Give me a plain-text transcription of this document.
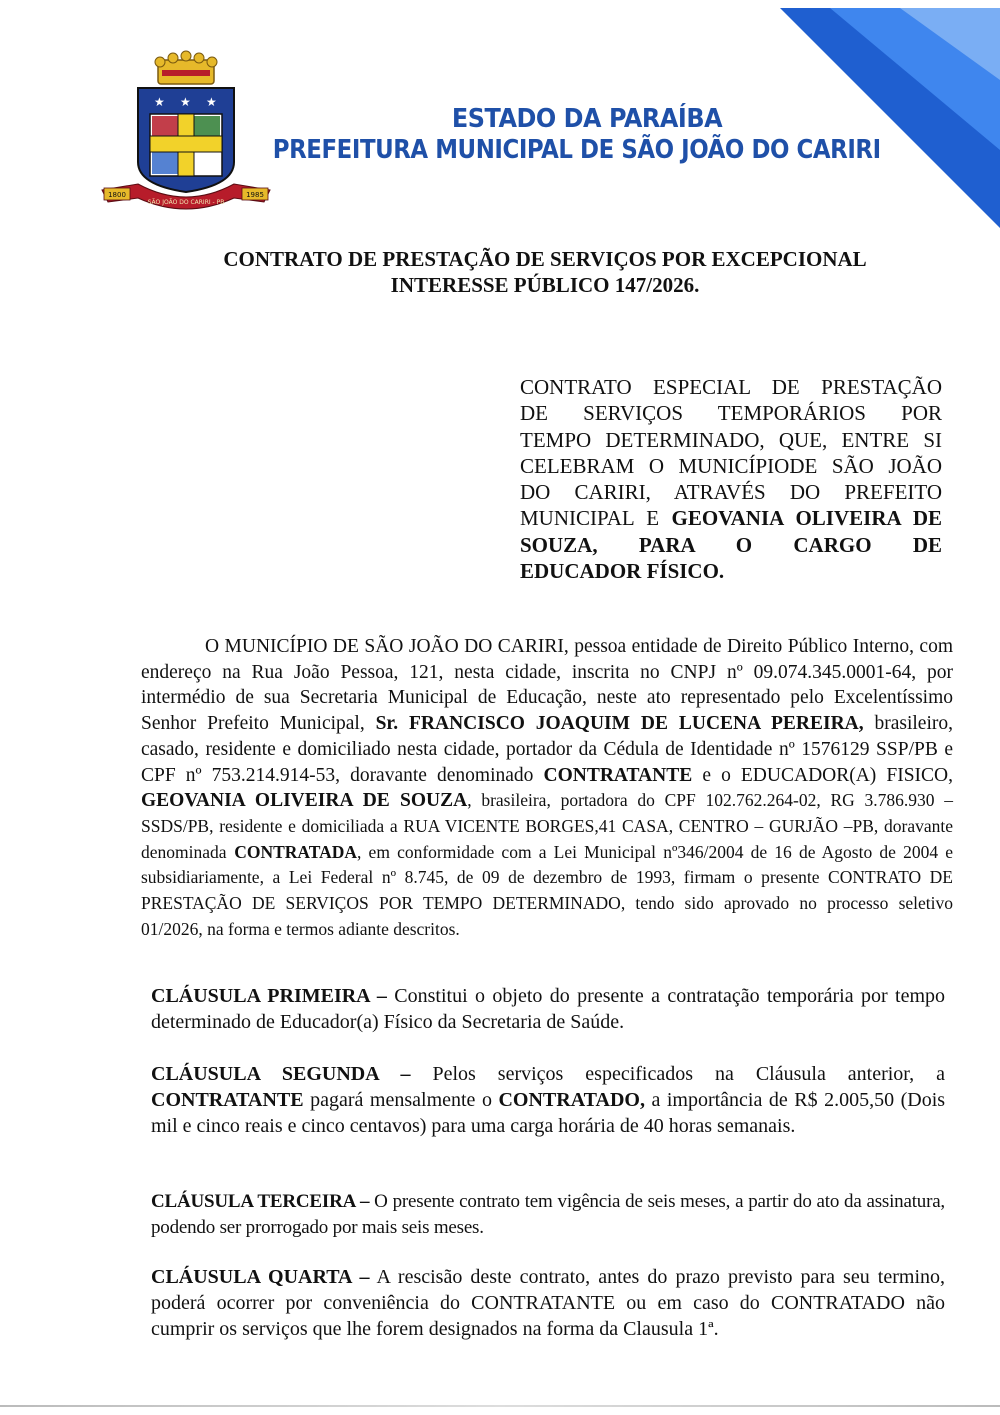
★ ★ ★
1800	1985
SÃO JOÃO DO CARIRI - PB
ESTADO DA PARAÍBA
PREFEITURA MUNICIPAL DE SÃO JOÃO DO CARIRI
CONTRATO DE PRESTAÇÃO DE SERVIÇOS POR EXCEPCIONAL
INTERESSE PÚBLICO 147/2026.
CONTRATO ESPECIAL DE PRESTAÇÃO
DE SERVIÇOS TEMPORÁRIOS POR
TEMPO DETERMINADO, QUE, ENTRE SI
CELEBRAM O MUNICÍPIODE SÃO JOÃO
DO CARIRI, ATRAVÉS DO PREFEITO
MUNICIPAL E GEOVANIA OLIVEIRA DE
SOUZA, PARA O CARGO DE
EDUCADOR FÍSICO.

O MUNICÍPIO DE SÃO JOÃO DO CARIRI, pessoa entidade de Direito Público Interno, com endereço na Rua João Pessoa, 121, nesta cidade, inscrita no CNPJ nº 09.074.345.0001-64, por intermédio de sua Secretaria Municipal de Educação, neste ato representado pelo Excelentíssimo Senhor Prefeito Municipal, Sr. FRANCISCO JOAQUIM DE LUCENA PEREIRA, brasileiro, casado, residente e domiciliado nesta cidade, portador da Cédula de Identidade nº 1576129 SSP/PB e CPF nº 753.214.914-53, doravante denominado CONTRATANTE e o EDUCADOR(A) FISICO, GEOVANIA OLIVEIRA DE SOUZA, brasileira, portadora do CPF 102.762.264-02, RG 3.786.930 – SSDS/PB, residente e domiciliada a RUA VICENTE BORGES,41 CASA, CENTRO – GURJÃO –PB, doravante denominada CONTRATADA, em conformidade com a Lei Municipal nº346/2004 de 16 de Agosto de 2004 e subsidiariamente, a Lei Federal nº 8.745, de 09 de dezembro de 1993, firmam o presente CONTRATO DE PRESTAÇÃO DE SERVIÇOS POR TEMPO DETERMINADO, tendo sido aprovado no processo seletivo 01/2026, na forma e termos adiante descritos.

CLÁUSULA PRIMEIRA – Constitui o objeto do presente a contratação temporária por tempo determinado de Educador(a) Físico da Secretaria de Saúde.
CLÁUSULA SEGUNDA – Pelos serviços especificados na Cláusula anterior, a CONTRATANTE pagará mensalmente o CONTRATADO, a importância de R$ 2.005,50 (Dois mil e cinco reais e cinco centavos) para uma carga horária de 40 horas semanais.
CLÁUSULA TERCEIRA – O presente contrato tem vigência de seis meses, a partir do ato da assinatura, podendo ser prorrogado por mais seis meses.
CLÁUSULA QUARTA – A rescisão deste contrato, antes do prazo previsto para seu termino, poderá ocorrer por conveniência do CONTRATANTE ou em caso do CONTRATADO não cumprir os serviços que lhe forem designados na forma da Clausula 1ª.
